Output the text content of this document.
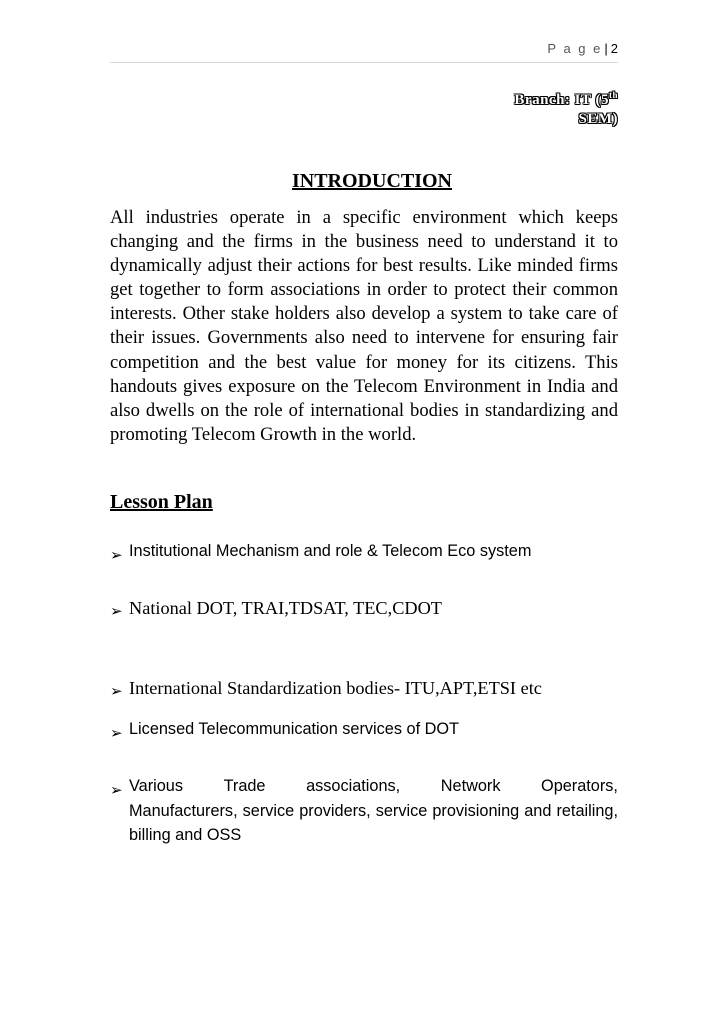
P a g e | 2
Branch: IT (5th
SEM)
INTRODUCTION

All industries operate in a specific environment which keeps changing and the firms in the business need to understand it to dynamically adjust their actions for best results. Like minded firms get together to form associations in order to protect their common interests. Other stake holders also develop a system to take care of their issues. Governments also need to intervene for ensuring fair competition and the best value for money for its citizens. This handouts gives exposure on the Telecom Environment in India and also dwells on the role of international bodies in standardizing and promoting Telecom Growth in the world.

Lesson Plan
➢ Institutional Mechanism and role & Telecom Eco system
➢ National DOT, TRAI,TDSAT, TEC,CDOT
➢ International Standardization bodies- ITU,APT,ETSI etc
➢ Licensed Telecommunication services of DOT
➢ Various Trade associations, Network Operators,
Manufacturers, service providers, service provisioning and retailing, billing and OSS
